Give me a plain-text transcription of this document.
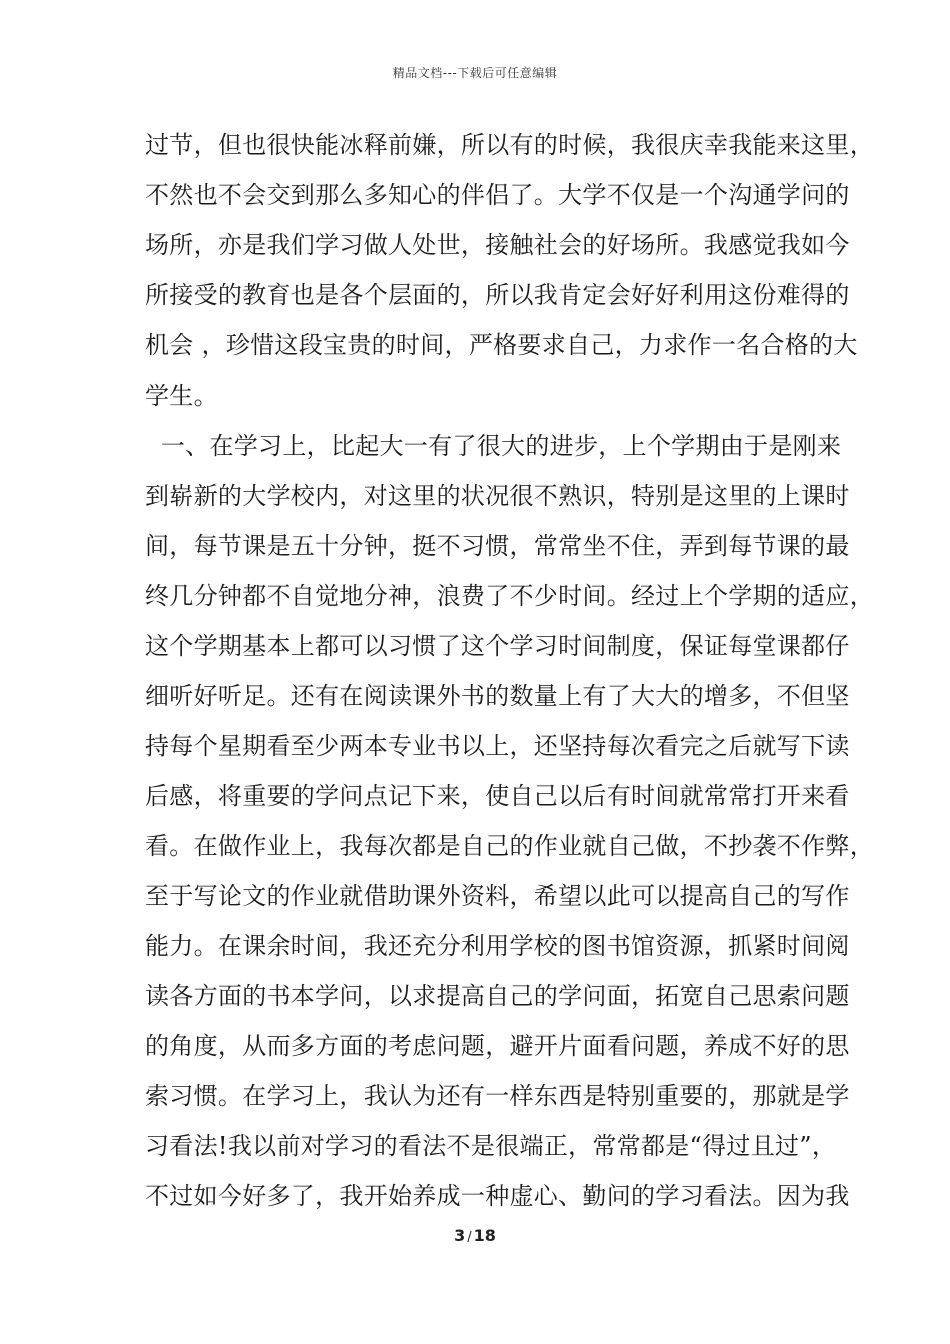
精品文档---下载后可任意编辑
过节，但也很快能冰释前嫌，所以有的时候，我很庆幸我能来这里，
不然也不会交到那么多知心的伴侣了。大学不仅是一个沟通学问的
场所，亦是我们学习做人处世，接触社会的好场所。我感觉我如今
所接受的教育也是各个层面的，所以我肯定会好好利用这份难得的
机会 ，珍惜这段宝贵的时间，严格要求自己，力求作一名合格的大
学生。
一、在学习上，比起大一有了很大的进步，上个学期由于是刚来
到崭新的大学校内，对这里的状况很不熟识，特别是这里的上课时
间，每节课是五十分钟，挺不习惯，常常坐不住，弄到每节课的最
终几分钟都不自觉地分神，浪费了不少时间。经过上个学期的适应，
这个学期基本上都可以习惯了这个学习时间制度，保证每堂课都仔
细听好听足。还有在阅读课外书的数量上有了大大的增多，不但坚
持每个星期看至少两本专业书以上，还坚持每次看完之后就写下读
后感，将重要的学问点记下来，使自己以后有时间就常常打开来看
看。在做作业上，我每次都是自己的作业就自己做，不抄袭不作弊，
至于写论文的作业就借助课外资料，希望以此可以提高自己的写作
能力。在课余时间，我还充分利用学校的图书馆资源，抓紧时间阅
读各方面的书本学问，以求提高自己的学问面，拓宽自己思索问题
的角度，从而多方面的考虑问题，避开片面看问题，养成不好的思
索习惯。在学习上，我认为还有一样东西是特别重要的，那就是学
习看法!我以前对学习的看法不是很端正，常常都是“得过且过”，
不过如今好多了，我开始养成一种虚心、勤问的学习看法。因为我
3 / 18
